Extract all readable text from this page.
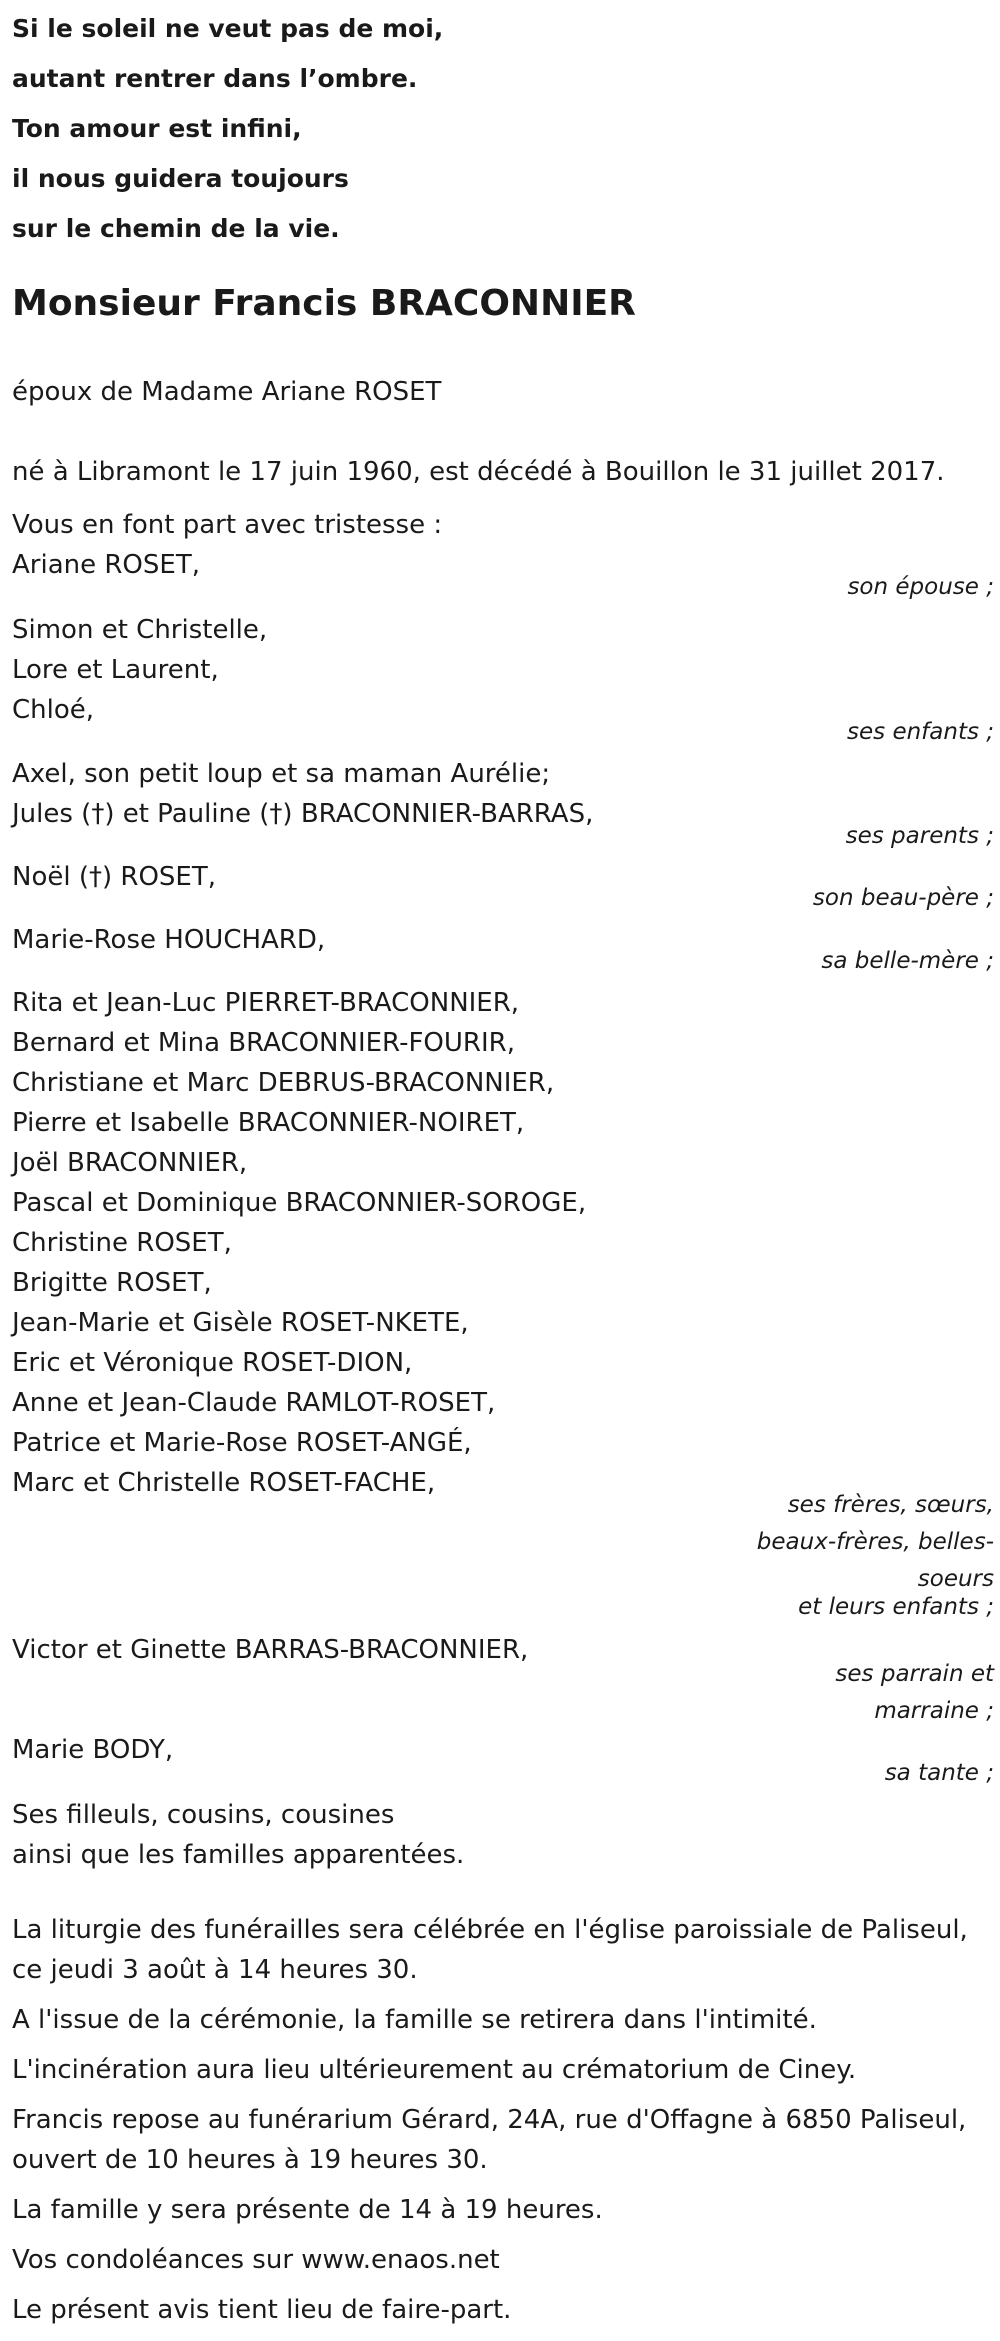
Si le soleil ne veut pas de moi,
autant rentrer dans l’ombre.
Ton amour est infini,
il nous guidera toujours
sur le chemin de la vie.
Monsieur Francis BRACONNIER
époux de Madame Ariane ROSET
né à Libramont le 17 juin 1960, est décédé à Bouillon le 31 juillet 2017.
Vous en font part avec tristesse :
Ariane ROSET,
son épouse ;
Simon et Christelle,
Lore et Laurent,
Chloé,
ses enfants ;
Axel, son petit loup et sa maman Aurélie;
Jules (†) et Pauline (†) BRACONNIER-BARRAS,
ses parents ;
Noël (†) ROSET,
son beau-père ;
Marie-Rose HOUCHARD,
sa belle-mère ;
Rita et Jean-Luc PIERRET-BRACONNIER,
Bernard et Mina BRACONNIER-FOURIR,
Christiane et Marc DEBRUS-BRACONNIER,
Pierre et Isabelle BRACONNIER-NOIRET,
Joël BRACONNIER,
Pascal et Dominique BRACONNIER-SOROGE,
Christine ROSET,
Brigitte ROSET,
Jean-Marie et Gisèle ROSET-NKETE,
Eric et Véronique ROSET-DION,
Anne et Jean-Claude RAMLOT-ROSET,
Patrice et Marie-Rose ROSET-ANGÉ,
Marc et Christelle ROSET-FACHE,
ses frères, sœurs,
beaux-frères, belles-
soeurs
et leurs enfants ;
Victor et Ginette BARRAS-BRACONNIER,
ses parrain et
marraine ;
Marie BODY,
sa tante ;
Ses filleuls, cousins, cousines
ainsi que les familles apparentées.
La liturgie des funérailles sera célébrée en l'église paroissiale de Paliseul,
ce jeudi 3 août à 14 heures 30.
A l'issue de la cérémonie, la famille se retirera dans l'intimité.
L'incinération aura lieu ultérieurement au crématorium de Ciney.
Francis repose au funérarium Gérard, 24A, rue d'Offagne à 6850 Paliseul,
ouvert de 10 heures à 19 heures 30.
La famille y sera présente de 14 à 19 heures.
Vos condoléances sur www.enaos.net
Le présent avis tient lieu de faire-part.
